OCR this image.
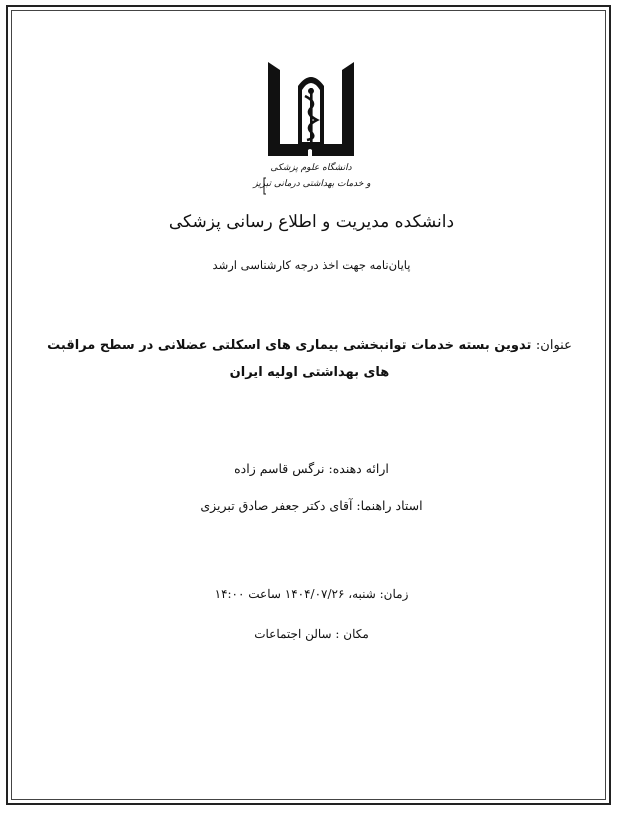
دانشگاه علوم پزشکی
و خدمات بهداشتی درمانی تبریز
دانشکده مدیریت و اطلاع رسانی پزشکی
پایان‌نامه جهت اخذ درجه کارشناسی ارشد
عنوان: تدوین بسته خدمات توانبخشی بیماری های اسکلتی عضلانی در سطح مراقبت های بهداشتی اولیه ایران
ارائه دهنده: نرگس قاسم زاده
استاد راهنما: آقای دکتر جعفر صادق تبریزی
زمان: شنبه، ۱۴۰۴/۰۷/۲۶ ساعت ۱۴:۰۰
مکان : سالن اجتماعات
